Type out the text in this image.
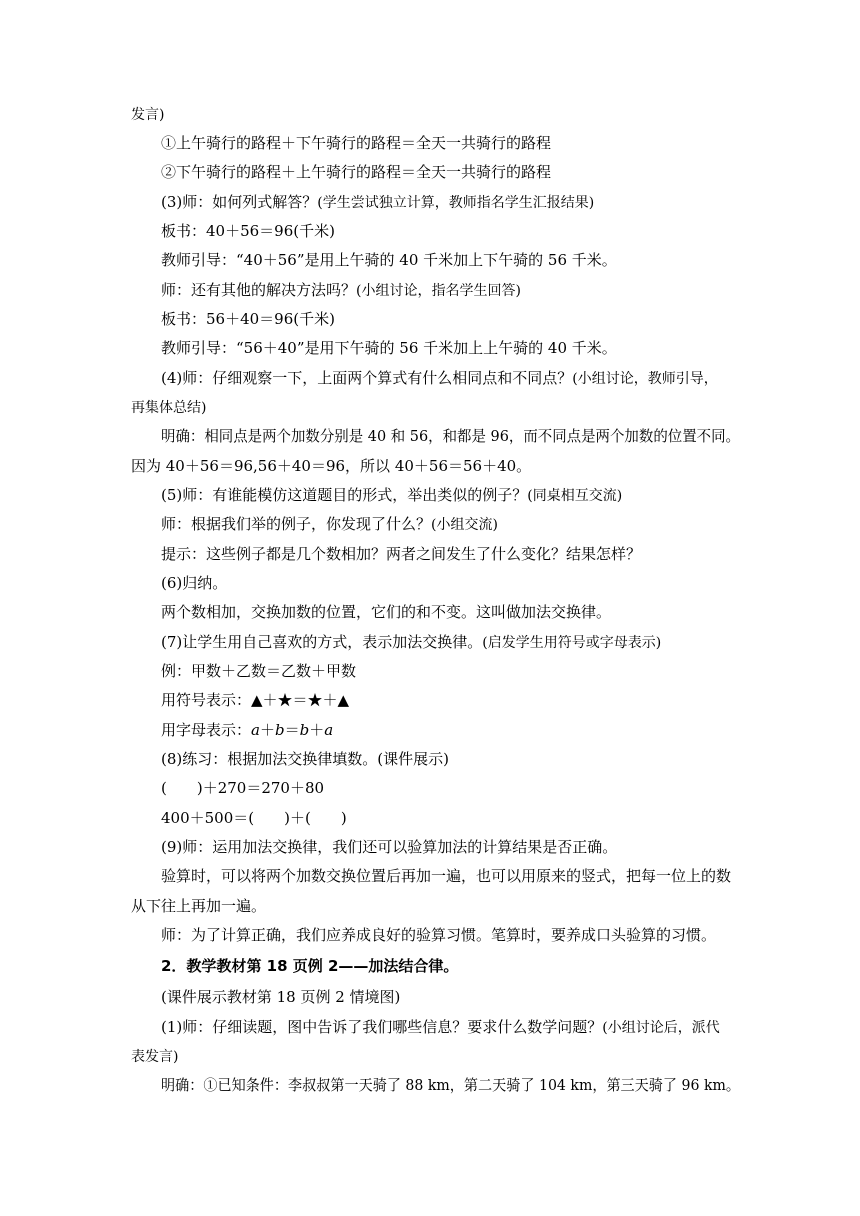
发言)
①上午骑行的路程＋下午骑行的路程＝全天一共骑行的路程
②下午骑行的路程＋上午骑行的路程＝全天一共骑行的路程
(3)师：如何列式解答？(学生尝试独立计算，教师指名学生汇报结果)
板书：40＋56＝96(千米)
教师引导：“40＋56”是用上午骑的 40 千米加上下午骑的 56 千米。
师：还有其他的解决方法吗？(小组讨论，指名学生回答)
板书：56＋40＝96(千米)
教师引导：“56＋40”是用下午骑的 56 千米加上上午骑的 40 千米。
(4)师：仔细观察一下，上面两个算式有什么相同点和不同点？(小组讨论，教师引导，
再集体总结)
明确：相同点是两个加数分别是 40 和 56，和都是 96，而不同点是两个加数的位置不同。
因为 40＋56＝96,56＋40＝96，所以 40＋56＝56＋40。
(5)师：有谁能模仿这道题目的形式，举出类似的例子？(同桌相互交流)
师：根据我们举的例子，你发现了什么？(小组交流)
提示：这些例子都是几个数相加？两者之间发生了什么变化？结果怎样？
(6)归纳。
两个数相加，交换加数的位置，它们的和不变。这叫做加法交换律。
(7)让学生用自己喜欢的方式，表示加法交换律。(启发学生用符号或字母表示)
例：甲数＋乙数＝乙数＋甲数
用符号表示：▲＋★＝★＋▲
用字母表示：a＋b＝b＋a
(8)练习：根据加法交换律填数。(课件展示)
(　　)＋270＝270＋80
400＋500＝(　　)＋(　　)
(9)师：运用加法交换律，我们还可以验算加法的计算结果是否正确。
验算时，可以将两个加数交换位置后再加一遍，也可以用原来的竖式，把每一位上的数
从下往上再加一遍。
师：为了计算正确，我们应养成良好的验算习惯。笔算时，要养成口头验算的习惯。
2．教学教材第 18 页例 2——加法结合律。
(课件展示教材第 18 页例 2 情境图)
(1)师：仔细读题，图中告诉了我们哪些信息？要求什么数学问题？(小组讨论后，派代
表发言)
明确：①已知条件：李叔叔第一天骑了 88 km，第二天骑了 104 km，第三天骑了 96 km。
